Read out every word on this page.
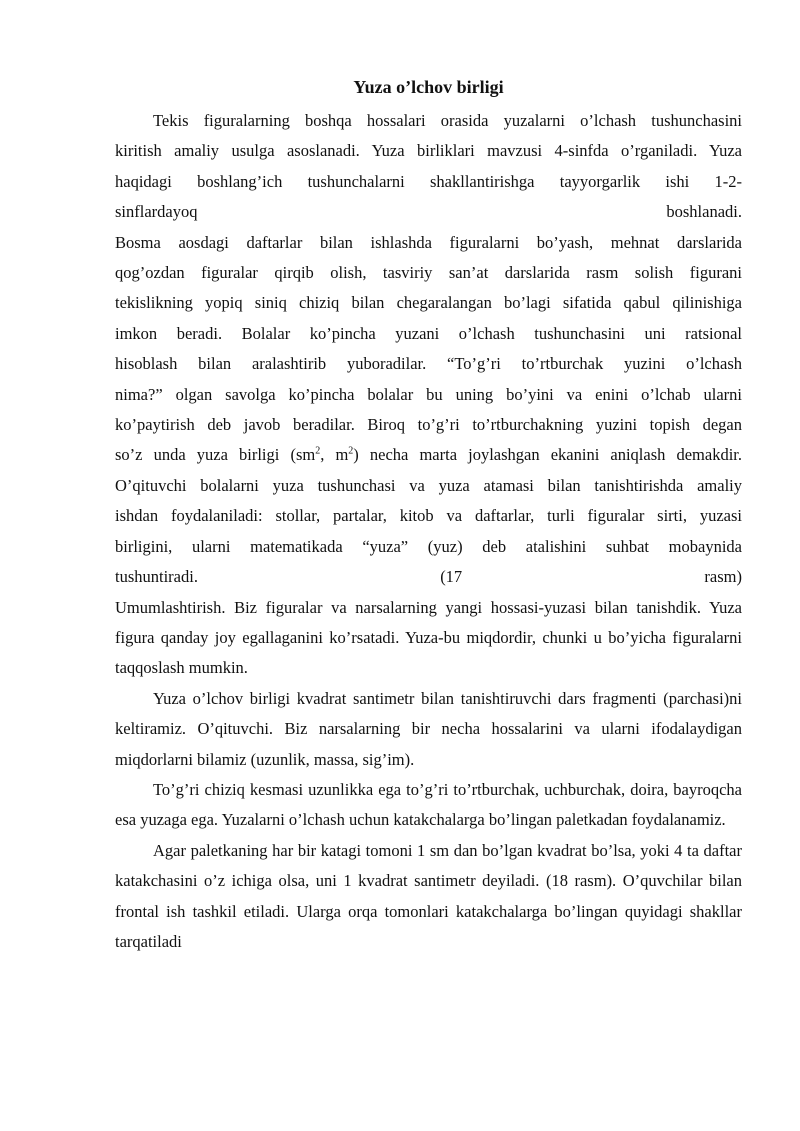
Yuza o’lchov birligi

Tekis figuralarning boshqa hossalari orasida yuzalarni o’lchash tushunchasini
kiritish amaliy usulga asoslanadi. Yuza birliklari mavzusi 4-sinfda o’rganiladi. Yuza
haqidagi boshlang’ich tushunchalarni shakllantirishga tayyorgarlik ishi 1-2-
sinflardayoq	boshlanadi.

Bosma aosdagi daftarlar bilan ishlashda figuralarni bo’yash, mehnat darslarida
qog’ozdan figuralar qirqib olish, tasviriy san’at darslarida rasm solish figurani
tekislikning yopiq siniq chiziq bilan chegaralangan bo’lagi sifatida qabul qilinishiga
imkon beradi. Bolalar ko’pincha yuzani o’lchash tushunchasini uni ratsional
hisoblash bilan aralashtirib yuboradilar. “To’g’ri to’rtburchak yuzini o’lchash
nima?” olgan savolga ko’pincha bolalar bu uning bo’yini va enini o’lchab ularni
ko’paytirish deb javob beradilar. Biroq to’g’ri to’rtburchakning yuzini topish degan
so’z unda yuza birligi ($sm^2$, $m^2$) necha marta joylashgan ekanini aniqlash demakdir.
O’qituvchi bolalarni yuza tushunchasi va yuza atamasi bilan tanishtirishda amaliy
ishdan foydalaniladi: stollar, partalar, kitob va daftarlar, turli figuralar sirti, yuzasi
birligini, ularni matematikada “yuza” (yuz) deb atalishini suhbat mobaynida
tushuntiradi.	(17	rasm)

Umumlashtirish. Biz figuralar va narsalarning yangi hossasi-yuzasi bilan tanishdik. Yuza figura qanday joy egallaganini ko’rsatadi. Yuza-bu miqdordir, chunki u bo’yicha figuralarni taqqoslash mumkin.

Yuza o’lchov birligi kvadrat santimetr bilan tanishtiruvchi dars fragmenti (parchasi)ni keltiramiz. O’qituvchi. Biz narsalarning bir necha hossalarini va ularni ifodalaydigan miqdorlarni bilamiz (uzunlik, massa, sig’im).

To’g’ri chiziq kesmasi uzunlikka ega to’g’ri to’rtburchak, uchburchak, doira, bayroqcha esa yuzaga ega. Yuzalarni o’lchash uchun katakchalarga bo’lingan paletkadan foydalanamiz.

Agar paletkaning har bir katagi tomoni 1 sm dan bo’lgan kvadrat bo’lsa, yoki 4 ta daftar katakchasini o’z ichiga olsa, uni 1 kvadrat santimetr deyiladi. (18 rasm). O’quvchilar bilan frontal ish tashkil etiladi. Ularga orqa tomonlari katakchalarga bo’lingan quyidagi shakllar tarqatiladi
